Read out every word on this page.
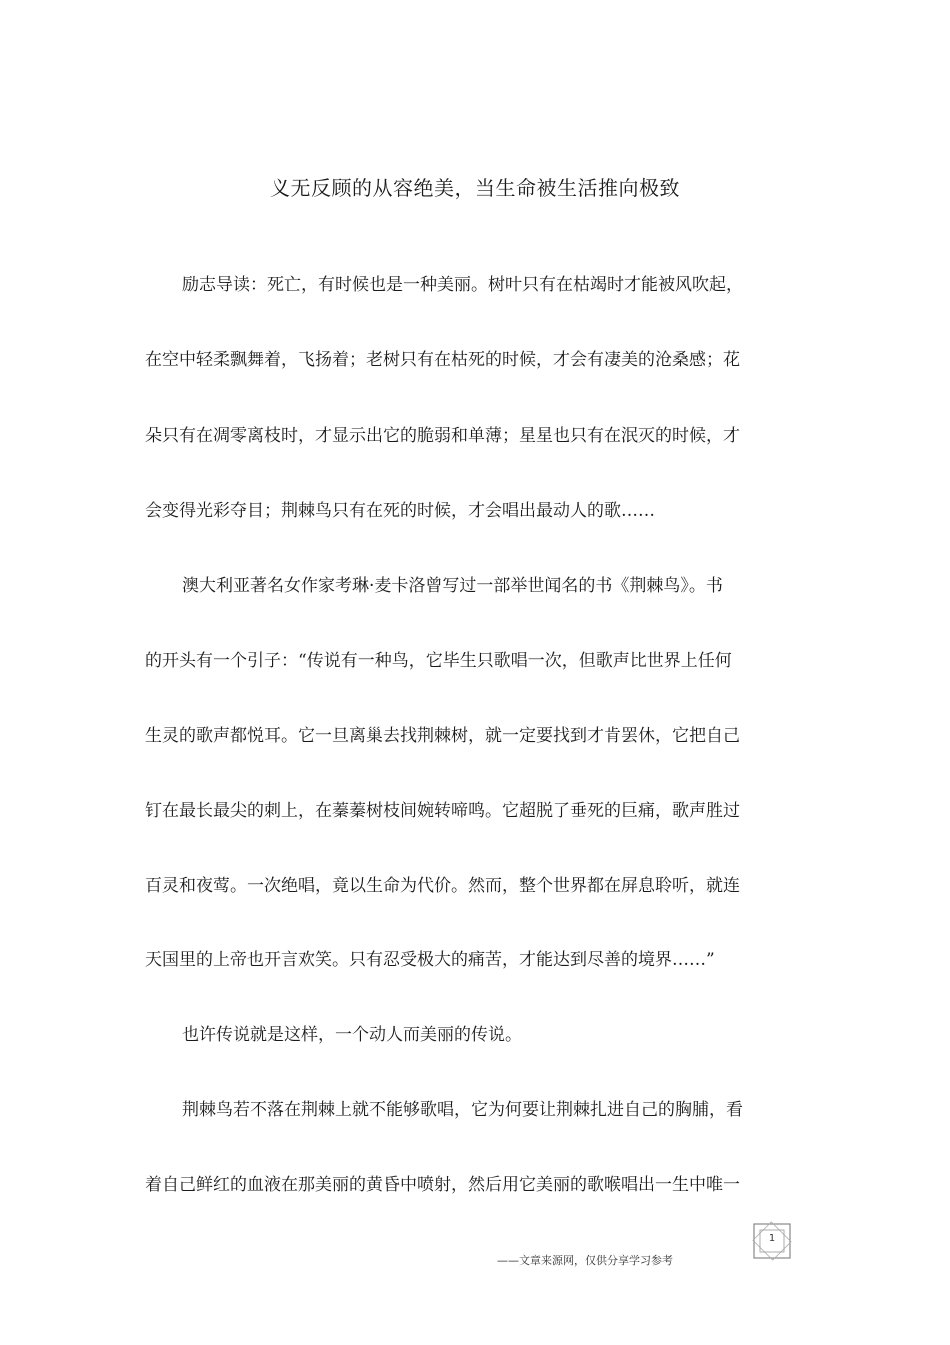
义无反顾的从容绝美，当生命被生活推向极致
励志导读：死亡，有时候也是一种美丽。树叶只有在枯竭时才能被风吹起，
在空中轻柔飘舞着，飞扬着；老树只有在枯死的时候，才会有凄美的沧桑感；花
朵只有在凋零离枝时，才显示出它的脆弱和单薄；星星也只有在泯灭的时候，才
会变得光彩夺目；荆棘鸟只有在死的时候，才会唱出最动人的歌……
澳大利亚著名女作家考琳·麦卡洛曾写过一部举世闻名的书《荆棘鸟》。书
的开头有一个引子：“传说有一种鸟，它毕生只歌唱一次，但歌声比世界上任何
生灵的歌声都悦耳。它一旦离巢去找荆棘树，就一定要找到才肯罢休，它把自己
钉在最长最尖的刺上，在蓁蓁树枝间婉转啼鸣。它超脱了垂死的巨痛，歌声胜过
百灵和夜莺。一次绝唱，竟以生命为代价。然而，整个世界都在屏息聆听，就连
天国里的上帝也开言欢笑。只有忍受极大的痛苦，才能达到尽善的境界……”
也许传说就是这样，一个动人而美丽的传说。
荆棘鸟若不落在荆棘上就不能够歌唱，它为何要让荆棘扎进自己的胸脯，看
着自己鲜红的血液在那美丽的黄昏中喷射，然后用它美丽的歌喉唱出一生中唯一
1
——文章来源网，仅供分享学习参考
